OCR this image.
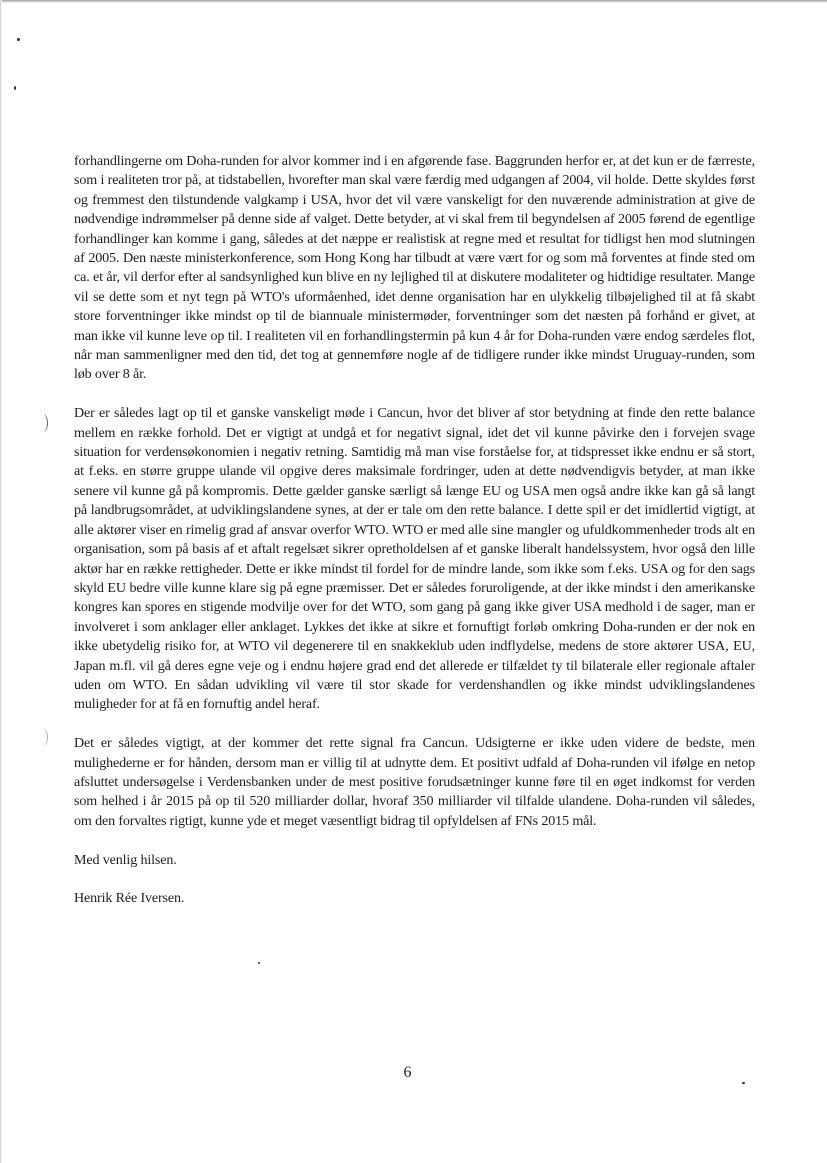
forhandlingerne om Doha-runden for alvor kommer ind i en afgørende fase. Baggrunden herfor er, at det kun er de færreste, som i realiteten tror på, at tidstabellen, hvorefter man skal være færdig med udgangen af 2004, vil holde. Dette skyldes først og fremmest den tilstundende valgkamp i USA, hvor det vil være vanskeligt for den nuværende administration at give de nødvendige indrømmelser på denne side af valget. Dette betyder, at vi skal frem til begyndelsen af 2005 førend de egentlige forhandlinger kan komme i gang, således at det næppe er realistisk at regne med et resultat for tidligst hen mod slutningen af 2005. Den næste ministerkonference, som Hong Kong har tilbudt at være vært for og som må forventes at finde sted om ca. et år, vil derfor efter al sandsynlighed kun blive en ny lejlighed til at diskutere modaliteter og hidtidige resultater. Mange vil se dette som et nyt tegn på WTO's uformåenhed, idet denne organisation har en ulykkelig tilbøjelighed til at få skabt store forventninger ikke mindst op til de biannuale ministermøder, forventninger som det næsten på forhånd er givet, at man ikke vil kunne leve op til. I realiteten vil en forhandlingstermin på kun 4 år for Doha-runden være endog særdeles flot, når man sammenligner med den tid, det tog at gennemføre nogle af de tidligere runder ikke mindst Uruguay-runden, som løb over 8 år.

Der er således lagt op til et ganske vanskeligt møde i Cancun, hvor det bliver af stor betydning at finde den rette balance mellem en række forhold. Det er vigtigt at undgå et for negativt signal, idet det vil kunne påvirke den i forvejen svage situation for verdensøkonomien i negativ retning. Samtidig må man vise forståelse for, at tidspresset ikke endnu er så stort, at f.eks. en større gruppe ulande vil opgive deres maksimale fordringer, uden at dette nødvendigvis betyder, at man ikke senere vil kunne gå på kompromis. Dette gælder ganske særligt så længe EU og USA men også andre ikke kan gå så langt på landbrugsområdet, at udviklingslandene synes, at der er tale om den rette balance. I dette spil er det imidlertid vigtigt, at alle aktører viser en rimelig grad af ansvar overfor WTO. WTO er med alle sine mangler og ufuldkommenheder trods alt en organisation, som på basis af et aftalt regelsæt sikrer opretholdelsen af et ganske liberalt handelssystem, hvor også den lille aktør har en række rettigheder. Dette er ikke mindst til fordel for de mindre lande, som ikke som f.eks. USA og for den sags skyld EU bedre ville kunne klare sig på egne præmisser. Det er således foruroligende, at der ikke mindst i den amerikanske kongres kan spores en stigende modvilje over for det WTO, som gang på gang ikke giver USA medhold i de sager, man er involveret i som anklager eller anklaget. Lykkes det ikke at sikre et fornuftigt forløb omkring Doha-runden er der nok en ikke ubetydelig risiko for, at WTO vil degenerere til en snakkeklub uden indflydelse, medens de store aktører USA, EU, Japan m.fl. vil gå deres egne veje og i endnu højere grad end det allerede er tilfældet ty til bilaterale eller regionale aftaler uden om WTO. En sådan udvikling vil være til stor skade for verdenshandlen og ikke mindst udviklingslandenes muligheder for at få en fornuftig andel heraf.

Det er således vigtigt, at der kommer det rette signal fra Cancun. Udsigterne er ikke uden videre de bedste, men mulighederne er for hånden, dersom man er villig til at udnytte dem. Et positivt udfald af Doha-runden vil ifølge en netop afsluttet undersøgelse i Verdensbanken under de mest positive forudsætninger kunne føre til en øget indkomst for verden som helhed i år 2015 på op til 520 milliarder dollar, hvoraf 350 milliarder vil tilfalde ulandene. Doha-runden vil således, om den forvaltes rigtigt, kunne yde et meget væsentligt bidrag til opfyldelsen af FNs 2015 mål.

Med venlig hilsen.

Henrik Rée Iversen.

6
